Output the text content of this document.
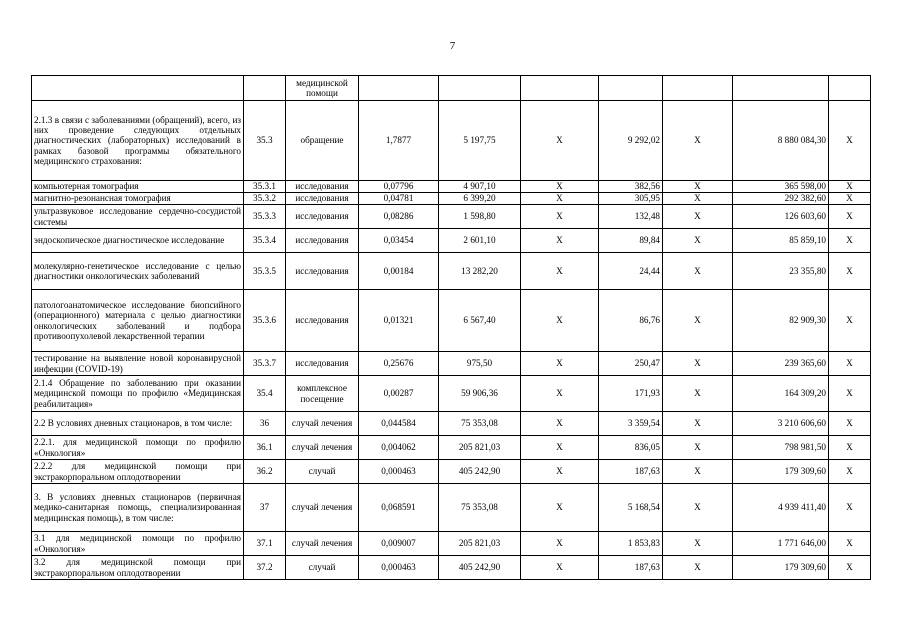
7
		медицинской помощи							
2.1.3 в связи с заболеваниями (обращений), всего, из них проведение следующих отдельных диагностических (лабораторных) исследований в рамках базовой программы обязательного медицинского страхования:	35.3	обращение	1,7877	5 197,75	Х	9 292,02	Х	8 880 084,30	Х
компьютерная томография	35.3.1	исследования	0,07796	4 907,10	Х	382,56	Х	365 598,00	Х
магнитно-резонансная томография	35.3.2	исследования	0,04781	6 399,20	Х	305,95	Х	292 382,60	Х
ультразвуковое исследование сердечно-сосудистой системы	35.3.3	исследования	0,08286	1 598,80	Х	132,48	Х	126 603,60	Х
эндоскопическое диагностическое исследование	35.3.4	исследования	0,03454	2 601,10	Х	89,84	Х	85 859,10	Х
молекулярно-генетическое исследование с целью диагностики онкологических заболеваний	35.3.5	исследования	0,00184	13 282,20	Х	24,44	Х	23 355,80	Х
патологоанатомическое исследование биопсийного (операционного) материала с целью диагностики онкологических заболеваний и подбора противоопухолевой лекарственной терапии	35.3.6	исследования	0,01321	6 567,40	Х	86,76	Х	82 909,30	Х
тестирование на выявление новой коронавирусной инфекции (COVID-19)	35.3.7	исследования	0,25676	975,50	Х	250,47	Х	239 365,60	Х
2.1.4 Обращение по заболеванию при оказании медицинской помощи по профилю «Медицинская реабилитация»	35.4	комплексное посещение	0,00287	59 906,36	Х	171,93	Х	164 309,20	Х
2.2 В условиях дневных стационаров, в том числе:	36	случай лечения	0,044584	75 353,08	Х	3 359,54	Х	3 210 606,60	Х
2.2.1. для медицинской помощи по профилю «Онкология»	36.1	случай лечения	0,004062	205 821,03	Х	836,05	Х	798 981,50	Х
2.2.2 для медицинской помощи при экстракорпоральном оплодотворении	36.2	случай	0,000463	405 242,90	Х	187,63	Х	179 309,60	Х
3. В условиях дневных стационаров (первичная медико-санитарная помощь, специализированная медицинская помощь), в том числе:	37	случай лечения	0,068591	75 353,08	Х	5 168,54	Х	4 939 411,40	Х
3.1 для медицинской помощи по профилю «Онкология»	37.1	случай лечения	0,009007	205 821,03	Х	1 853,83	Х	1 771 646,00	Х
3.2 для медицинской помощи при экстракорпоральном оплодотворении	37.2	случай	0,000463	405 242,90	Х	187,63	Х	179 309,60	Х
